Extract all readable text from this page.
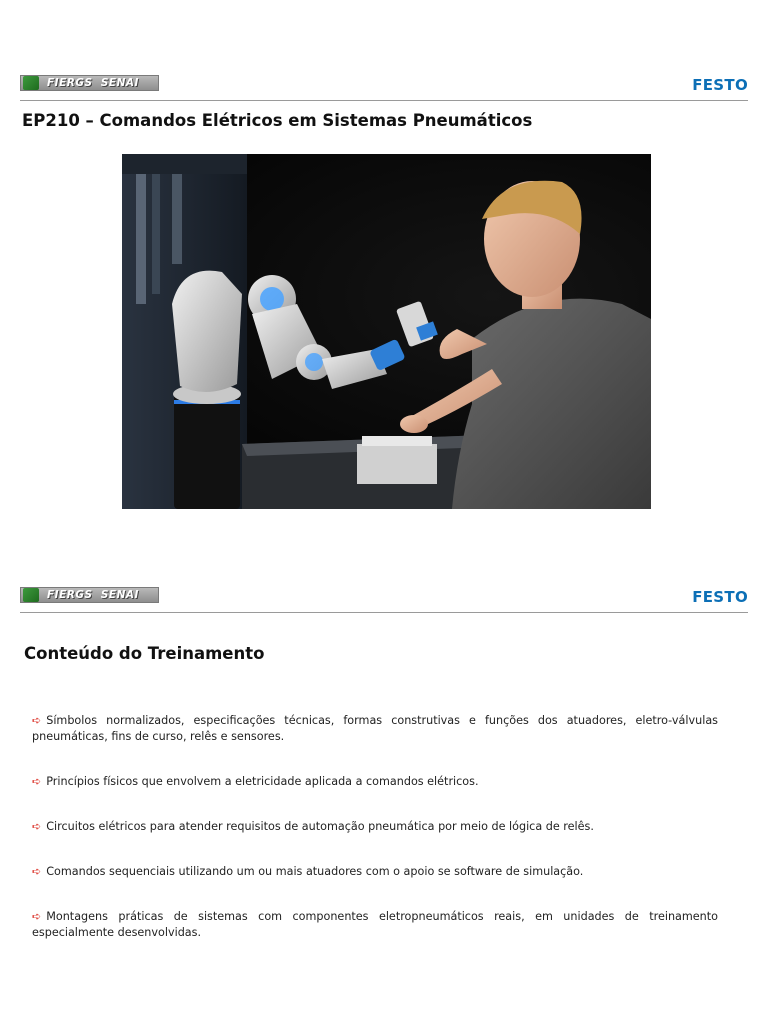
FIERGS  SENAI	FESTO
EP210 – Comandos Elétricos em Sistemas Pneumáticos
FIERGS  SENAI	FESTO
Conteúdo do Treinamento
➪ Símbolos normalizados, especificações técnicas, formas construtivas e funções dos atuadores, eletro-válvulas pneumáticas, fins de curso, relês e sensores.
➪ Princípios físicos que envolvem a eletricidade aplicada a comandos elétricos.
➪ Circuitos elétricos para atender requisitos de automação pneumática por meio de lógica de relês.
➪ Comandos sequenciais utilizando um ou mais atuadores com o apoio se software de simulação.
➪ Montagens práticas de sistemas com componentes eletropneumáticos reais, em unidades de treinamento especialmente desenvolvidas.
